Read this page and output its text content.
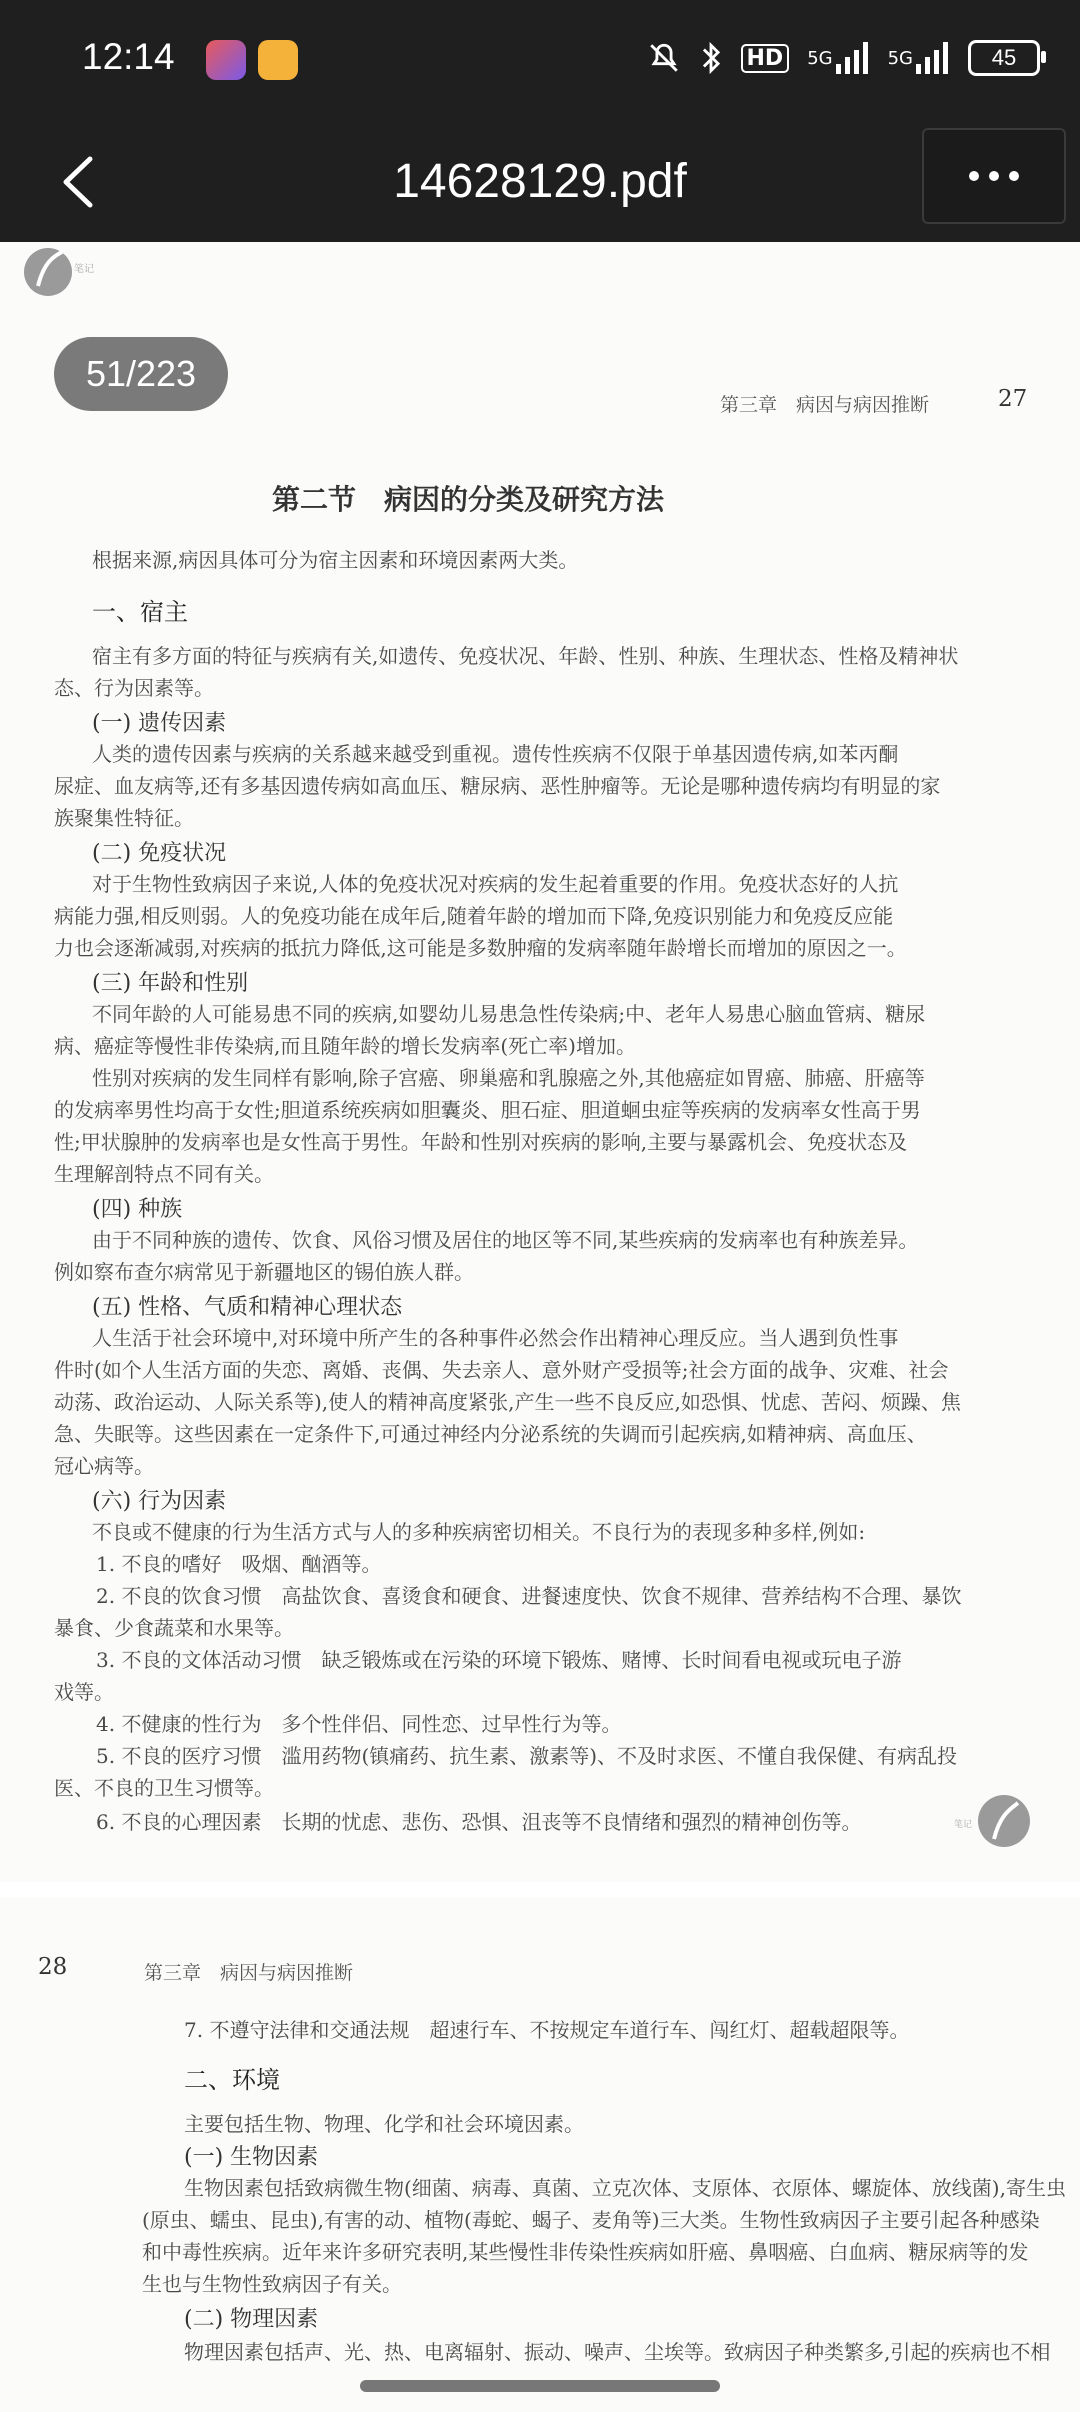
12:14	HD	5G	5G	45
14628129.pdf
笔记
51/223
第三章　病因与病因推断	27
第二节　病因的分类及研究方法
根据来源,病因具体可分为宿主因素和环境因素两大类。
一、宿主
宿主有多方面的特征与疾病有关,如遗传、免疫状况、年龄、性别、种族、生理状态、性格及精神状
态、行为因素等。
(一) 遗传因素
人类的遗传因素与疾病的关系越来越受到重视。遗传性疾病不仅限于单基因遗传病,如苯丙酮
尿症、血友病等,还有多基因遗传病如高血压、糖尿病、恶性肿瘤等。无论是哪种遗传病均有明显的家
族聚集性特征。
(二) 免疫状况
对于生物性致病因子来说,人体的免疫状况对疾病的发生起着重要的作用。免疫状态好的人抗
病能力强,相反则弱。人的免疫功能在成年后,随着年龄的增加而下降,免疫识别能力和免疫反应能
力也会逐渐减弱,对疾病的抵抗力降低,这可能是多数肿瘤的发病率随年龄增长而增加的原因之一。
(三) 年龄和性别
不同年龄的人可能易患不同的疾病,如婴幼儿易患急性传染病;中、老年人易患心脑血管病、糖尿
病、癌症等慢性非传染病,而且随年龄的增长发病率(死亡率)增加。
性别对疾病的发生同样有影响,除子宫癌、卵巢癌和乳腺癌之外,其他癌症如胃癌、肺癌、肝癌等
的发病率男性均高于女性;胆道系统疾病如胆囊炎、胆石症、胆道蛔虫症等疾病的发病率女性高于男
性;甲状腺肿的发病率也是女性高于男性。年龄和性别对疾病的影响,主要与暴露机会、免疫状态及
生理解剖特点不同有关。
(四) 种族
由于不同种族的遗传、饮食、风俗习惯及居住的地区等不同,某些疾病的发病率也有种族差异。
例如察布查尔病常见于新疆地区的锡伯族人群。
(五) 性格、气质和精神心理状态
人生活于社会环境中,对环境中所产生的各种事件必然会作出精神心理反应。当人遇到负性事
件时(如个人生活方面的失恋、离婚、丧偶、失去亲人、意外财产受损等;社会方面的战争、灾难、社会
动荡、政治运动、人际关系等),使人的精神高度紧张,产生一些不良反应,如恐惧、忧虑、苦闷、烦躁、焦
急、失眠等。这些因素在一定条件下,可通过神经内分泌系统的失调而引起疾病,如精神病、高血压、
冠心病等。
(六) 行为因素
不良或不健康的行为生活方式与人的多种疾病密切相关。不良行为的表现多种多样,例如:
1. 不良的嗜好　吸烟、酗酒等。
2. 不良的饮食习惯　高盐饮食、喜烫食和硬食、进餐速度快、饮食不规律、营养结构不合理、暴饮
暴食、少食蔬菜和水果等。
3. 不良的文体活动习惯　缺乏锻炼或在污染的环境下锻炼、赌博、长时间看电视或玩电子游
戏等。
4. 不健康的性行为　多个性伴侣、同性恋、过早性行为等。
5. 不良的医疗习惯　滥用药物(镇痛药、抗生素、激素等)、不及时求医、不懂自我保健、有病乱投
医、不良的卫生习惯等。
6. 不良的心理因素　长期的忧虑、悲伤、恐惧、沮丧等不良情绪和强烈的精神创伤等。	笔记
28	第三章　病因与病因推断
7. 不遵守法律和交通法规　超速行车、不按规定车道行车、闯红灯、超载超限等。
二、环境
主要包括生物、物理、化学和社会环境因素。
(一) 生物因素
生物因素包括致病微生物(细菌、病毒、真菌、立克次体、支原体、衣原体、螺旋体、放线菌),寄生虫
(原虫、蠕虫、昆虫),有害的动、植物(毒蛇、蝎子、麦角等)三大类。生物性致病因子主要引起各种感染
和中毒性疾病。近年来许多研究表明,某些慢性非传染性疾病如肝癌、鼻咽癌、白血病、糖尿病等的发
生也与生物性致病因子有关。
(二) 物理因素
物理因素包括声、光、热、电离辐射、振动、噪声、尘埃等。致病因子种类繁多,引起的疾病也不相
